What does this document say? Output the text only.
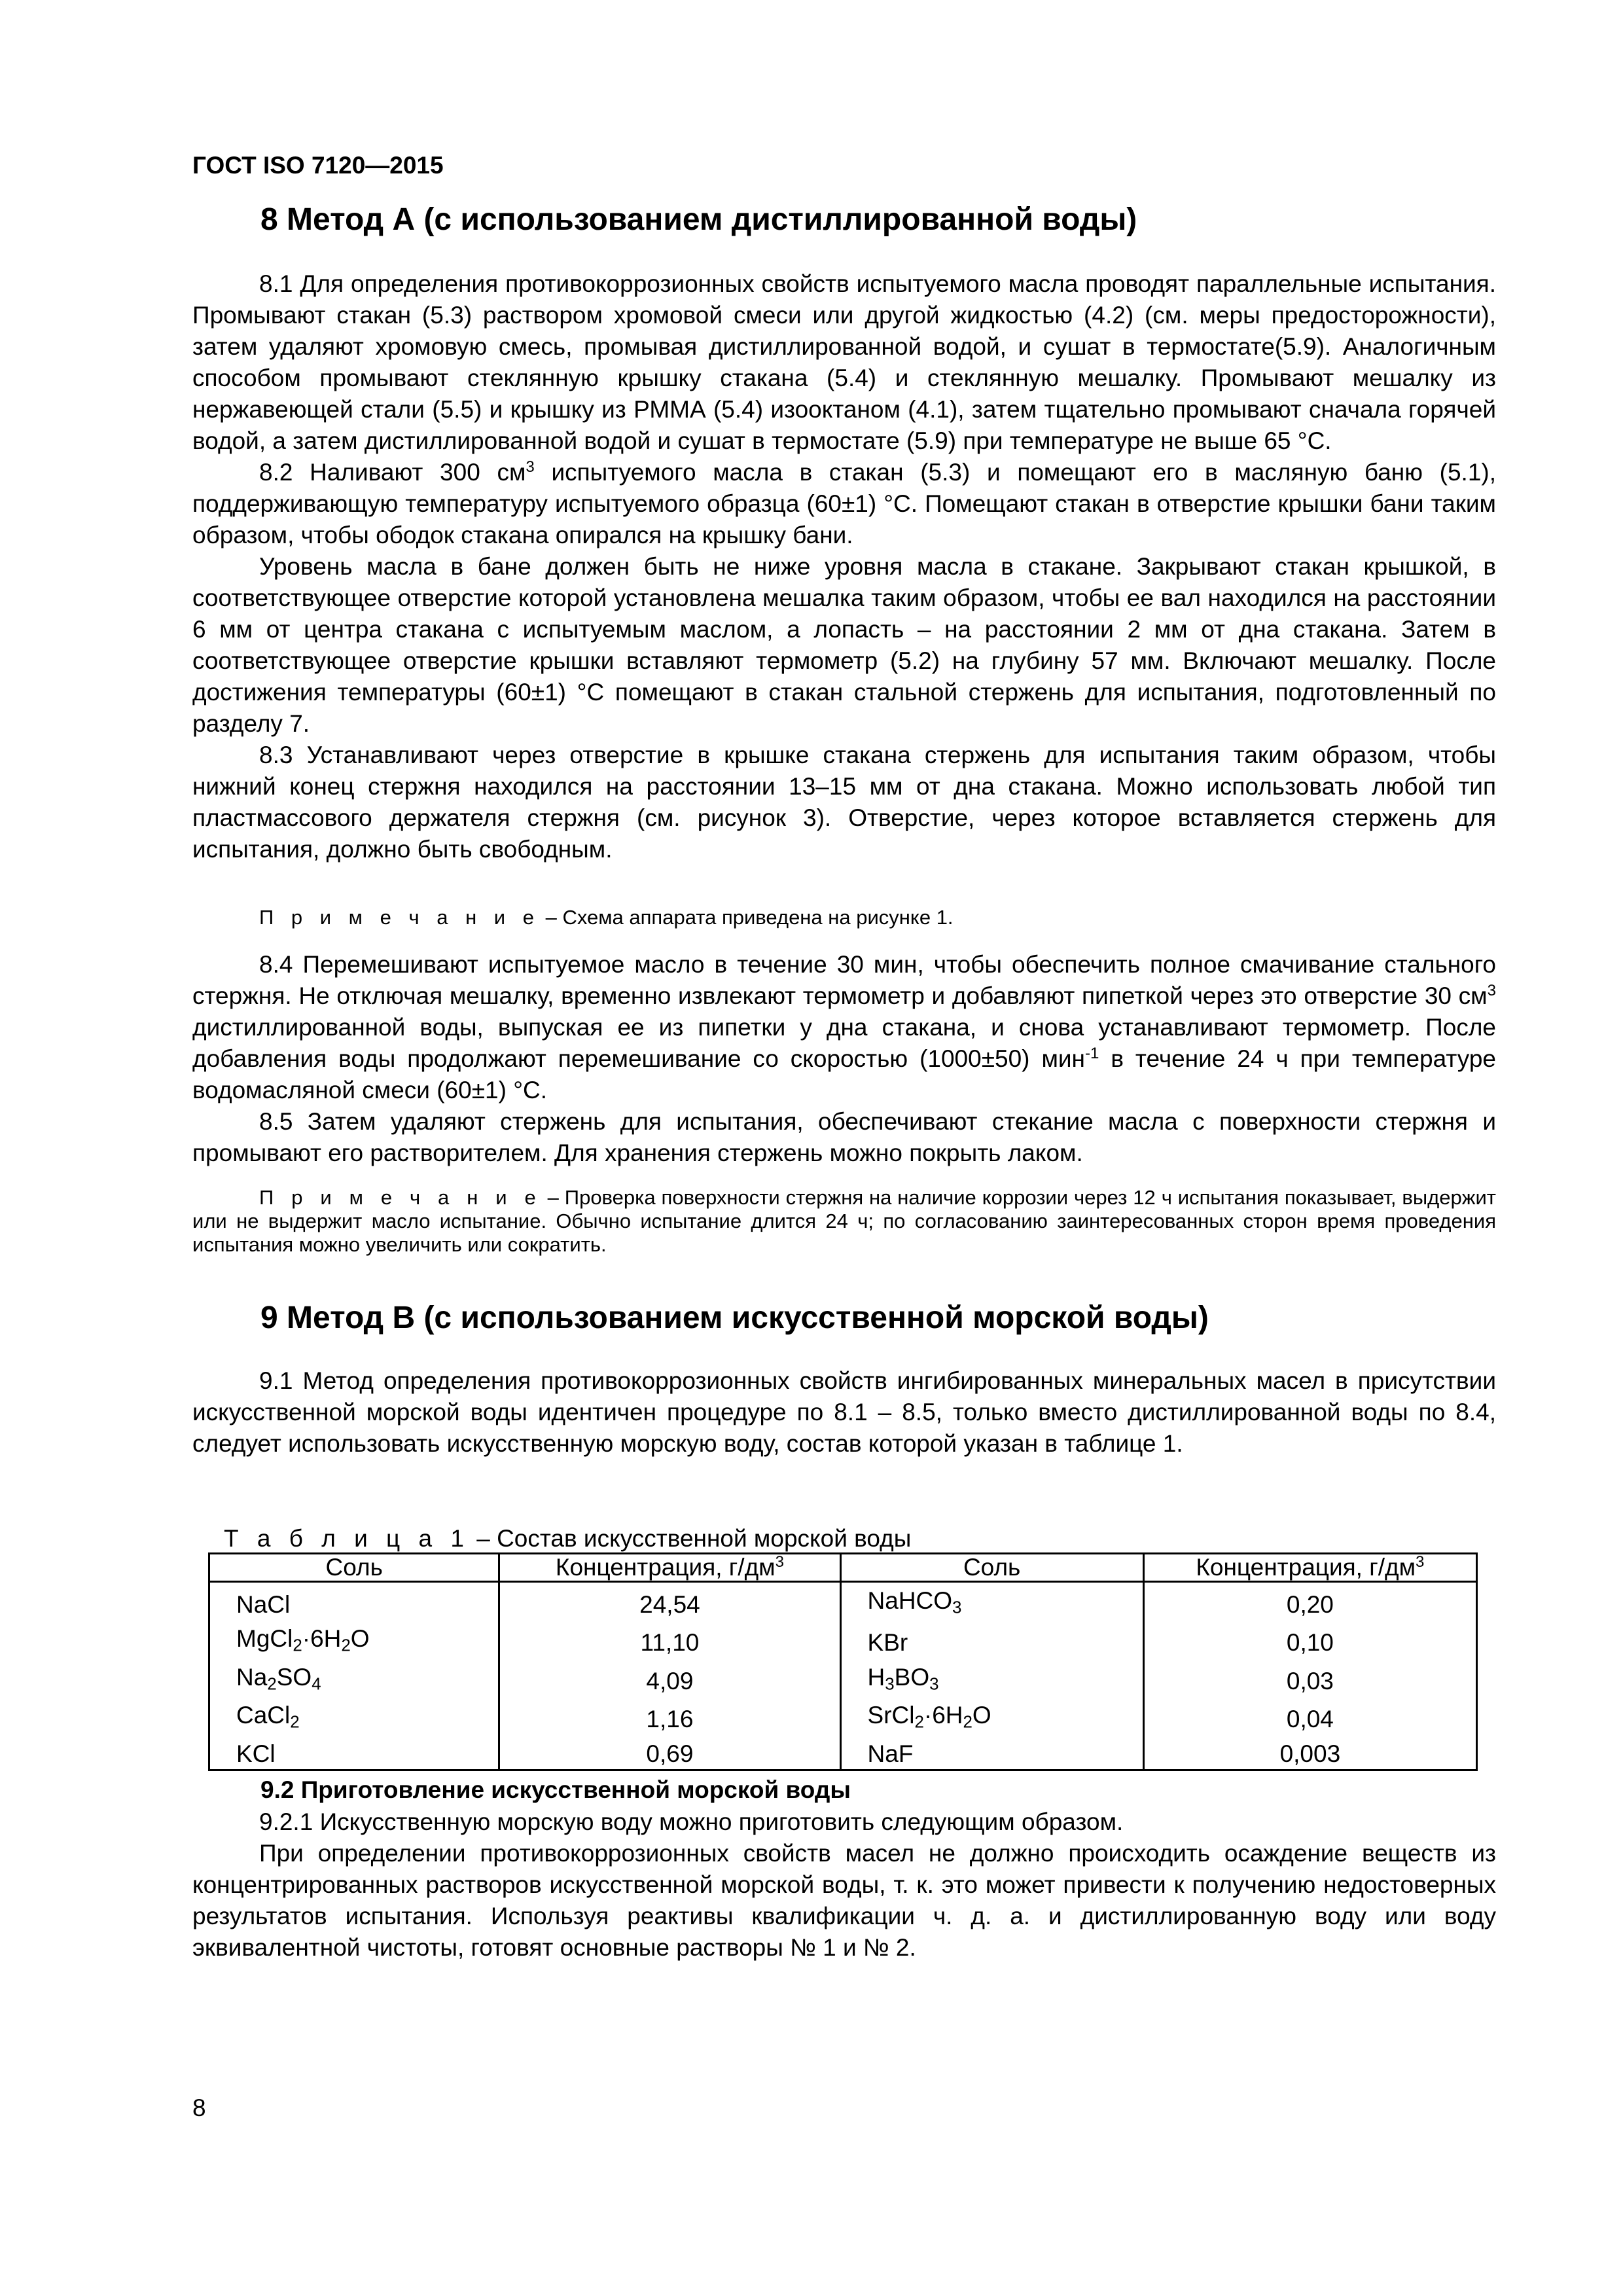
ГОСТ ISO 7120—2015
8 Метод А (с использованием дистиллированной воды)

8.1 Для определения противокоррозионных свойств испытуемого масла проводят параллельные испытания. Промывают стакан (5.3) раствором хромовой смеси или другой жидкостью (4.2) (см. меры предосторожности), затем удаляют хромовую смесь, промывая дистиллированной водой, и сушат в термостате(5.9). Аналогичным способом промывают стеклянную крышку стакана (5.4) и стеклянную мешалку. Промывают мешалку из нержавеющей стали (5.5) и крышку из РММА (5.4) изооктаном (4.1), затем тщательно промывают сначала горячей водой, а затем дистиллированной водой и сушат в термостате (5.9) при температуре не выше 65 °С.

8.2 Наливают 300 $см^3$ испытуемого масла в стакан (5.3) и помещают его в масляную баню (5.1), поддерживающую температуру испытуемого образца (60±1) °С. Помещают стакан в отверстие крышки бани таким образом, чтобы ободок стакана опирался на крышку бани.

Уровень масла в бане должен быть не ниже уровня масла в стакане. Закрывают стакан крышкой, в соответствующее отверстие которой установлена мешалка таким образом, чтобы ее вал находился на расстоянии 6 мм от центра стакана с испытуемым маслом, а лопасть – на расстоянии 2 мм от дна стакана. Затем в соответствующее отверстие крышки вставляют термометр (5.2) на глубину 57 мм. Включают мешалку. После достижения температуры (60±1) °С помещают в стакан стальной стержень для испытания, подготовленный по разделу 7.

8.3 Устанавливают через отверстие в крышке стакана стержень для испытания таким образом, чтобы нижний конец стержня находился на расстоянии 13–15 мм от дна стакана. Можно использовать любой тип пластмассового держателя стержня (см. рисунок 3). Отверстие, через которое вставляется стержень для испытания, должно быть свободным.

П р и м е ч а н и е – Схема аппарата приведена на рисунке 1.

8.4 Перемешивают испытуемое масло в течение 30 мин, чтобы обеспечить полное смачивание стального стержня. Не отключая мешалку, временно извлекают термометр и добавляют пипеткой через это отверстие 30 $см^3$ дистиллированной воды, выпуская ее из пипетки у дна стакана, и снова устанавливают термометр. После добавления воды продолжают перемешивание со скоростью (1000±50) мин$^{-1}$ в течение 24 ч при температуре водомасляной смеси (60±1) °С.

8.5 Затем удаляют стержень для испытания, обеспечивают стекание масла с поверхности стержня и промывают его растворителем. Для хранения стержень можно покрыть лаком.

П р и м е ч а н и е – Проверка поверхности стержня на наличие коррозии через 12 ч испытания показывает, выдержит или не выдержит масло испытание. Обычно испытание длится 24 ч; по согласованию заинтересованных сторон время проведения испытания можно увеличить или сократить.

9 Метод В (с использованием искусственной морской воды)

9.1 Метод определения противокоррозионных свойств ингибированных минеральных масел в присутствии искусственной морской воды идентичен процедуре по 8.1 – 8.5, только вместо дистиллированной воды по 8.4, следует использовать искусственную морскую воду, состав которой указан в таблице 1.

Т а б л и ц а 1 – Состав искусственной морской воды
Соль	Концентрация, $г/дм^3$	Соль	Концентрация, $г/дм^3$
NaCl	24,54	NaHCO$_3$	0,20
$MgCl_2\cdot 6H_2O$	11,10	KBr	0,10
$Na_2SO_4$	4,09	$H_3BO_3$	0,03
CaCl$_2$	1,16	$SrCl_2\cdot 6H_2O$	0,04
KCl	0,69	NaF	0,003
9.2 Приготовление искусственной морской воды

9.2.1 Искусственную морскую воду можно приготовить следующим образом.

При определении противокоррозионных свойств масел не должно происходить осаждение веществ из концентрированных растворов искусственной морской воды, т. к. это может привести к получению недостоверных результатов испытания. Используя реактивы квалификации ч. д. а. и дистиллированную воду или воду эквивалентной чистоты, готовят основные растворы № 1 и № 2.

8
